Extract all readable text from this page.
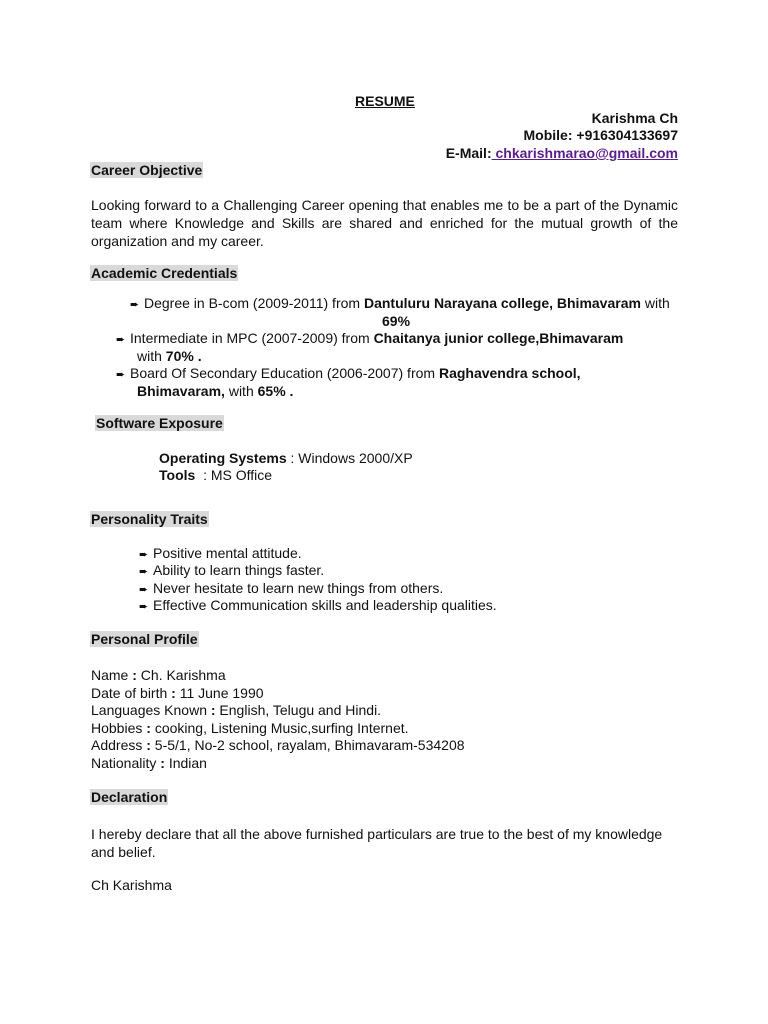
RESUME
Karishma Ch
Mobile: +916304133697
E-Mail: chkarishmarao@gmail.com
Career Objective
Looking forward to a Challenging Career opening that enables me to be a part of the Dynamic team where Knowledge and Skills are shared and enriched for the mutual growth of the organization and my career.
Academic Credentials
➨ Degree in B-com (2009-2011) from Dantuluru Narayana college, Bhimavaram with
69%
➨ Intermediate in MPC (2007-2009) from Chaitanya junior college,Bhimavaram
with 70% .
➨ Board Of Secondary Education (2006-2007) from Raghavendra school,
Bhimavaram, with 65% .
Software Exposure
Operating Systems : Windows 2000/XP
Tools  : MS Office
Personality Traits
➨ Positive mental attitude.
➨ Ability to learn things faster.
➨ Never hesitate to learn new things from others.
➨ Effective Communication skills and leadership qualities.
Personal Profile
Name : Ch. Karishma
Date of birth : 11 June 1990
Languages Known : English, Telugu and Hindi.
Hobbies : cooking, Listening Music,surfing Internet.
Address : 5-5/1, No-2 school, rayalam, Bhimavaram-534208
Nationality : Indian
Declaration
I hereby declare that all the above furnished particulars are true to the best of my knowledge and belief.
Ch Karishma
